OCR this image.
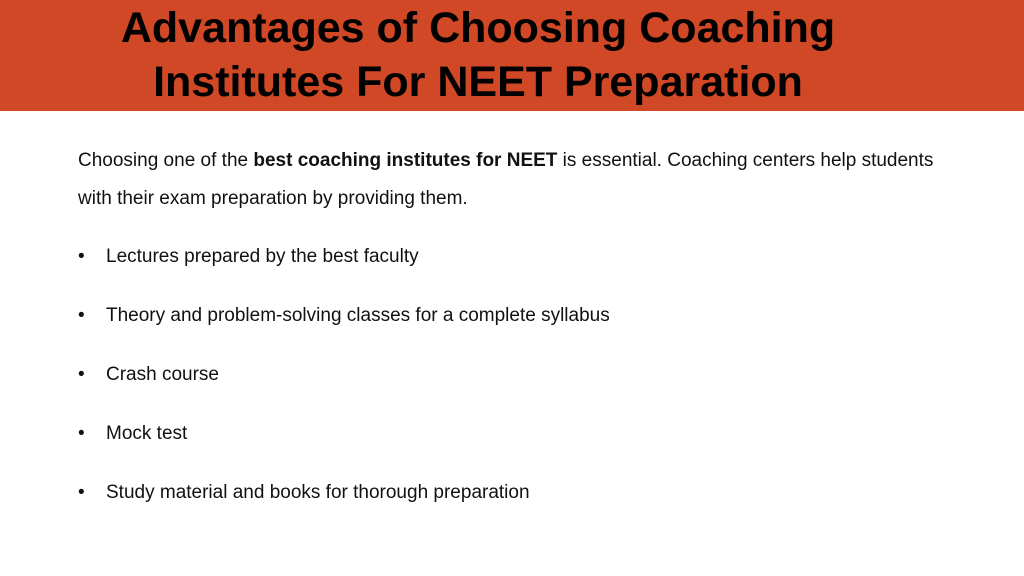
Advantages of Choosing Coaching
Institutes For NEET Preparation

Choosing one of the best coaching institutes for NEET is essential. Coaching centers help students with their exam preparation by providing them.

• Lectures prepared by the best faculty
• Theory and problem-solving classes for a complete syllabus
• Crash course
• Mock test
• Study material and books for thorough preparation
